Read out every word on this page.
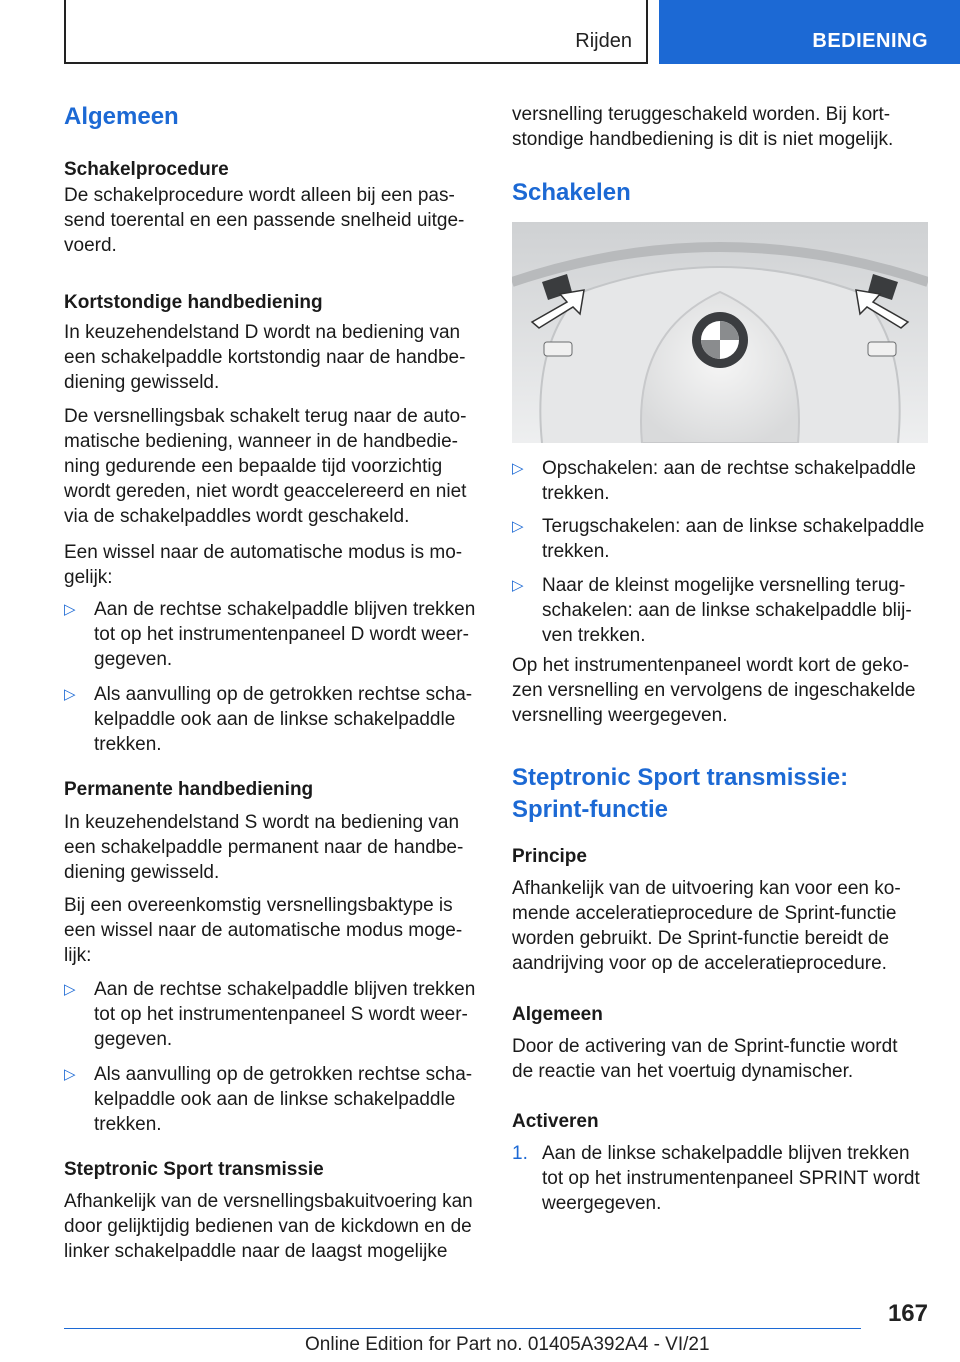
Rijden	BEDIENING
Algemeen
Schakelprocedure
De schakelprocedure wordt alleen bij een pas-
send toerental en een passende snelheid uitge-
voerd.
Kortstondige handbediening
In keuzehendelstand D wordt na bediening van
een schakelpaddle kortstondig naar de handbe-
diening gewisseld.
De versnellingsbak schakelt terug naar de auto-
matische bediening, wanneer in de handbedie-
ning gedurende een bepaalde tijd voorzichtig
wordt gereden, niet wordt geaccelereerd en niet
via de schakelpaddles wordt geschakeld.
Een wissel naar de automatische modus is mo-
gelijk:
▷ Aan de rechtse schakelpaddle blijven trekken
tot op het instrumentenpaneel D wordt weer-
gegeven.
▷ Als aanvulling op de getrokken rechtse scha-
kelpaddle ook aan de linkse schakelpaddle
trekken.
Permanente handbediening
In keuzehendelstand S wordt na bediening van
een schakelpaddle permanent naar de handbe-
diening gewisseld.
Bij een overeenkomstig versnellingsbaktype is
een wissel naar de automatische modus moge-
lijk:
▷ Aan de rechtse schakelpaddle blijven trekken
tot op het instrumentenpaneel S wordt weer-
gegeven.
▷ Als aanvulling op de getrokken rechtse scha-
kelpaddle ook aan de linkse schakelpaddle
trekken.
Steptronic Sport transmissie
Afhankelijk van de versnellingsbakuitvoering kan
door gelijktijdig bedienen van de kickdown en de
linker schakelpaddle naar de laagst mogelijke
versnelling teruggeschakeld worden. Bij kort-
stondige handbediening is dit is niet mogelijk.
Schakelen
▷ Opschakelen: aan de rechtse schakelpaddle
trekken.
▷ Terugschakelen: aan de linkse schakelpaddle
trekken.
▷ Naar de kleinst mogelijke versnelling terug-
schakelen: aan de linkse schakelpaddle blij-
ven trekken.
Op het instrumentenpaneel wordt kort de geko-
zen versnelling en vervolgens de ingeschakelde
versnelling weergegeven.
Steptronic Sport transmissie:
Sprint-functie
Principe
Afhankelijk van de uitvoering kan voor een ko-
mende acceleratieprocedure de Sprint-functie
worden gebruikt. De Sprint-functie bereidt de
aandrijving voor op de acceleratieprocedure.
Algemeen
Door de activering van de Sprint-functie wordt
de reactie van het voertuig dynamischer.
Activeren
1. Aan de linkse schakelpaddle blijven trekken
tot op het instrumentenpaneel SPRINT wordt
weergegeven.
167
Online Edition for Part no. 01405A392A4 - VI/21
